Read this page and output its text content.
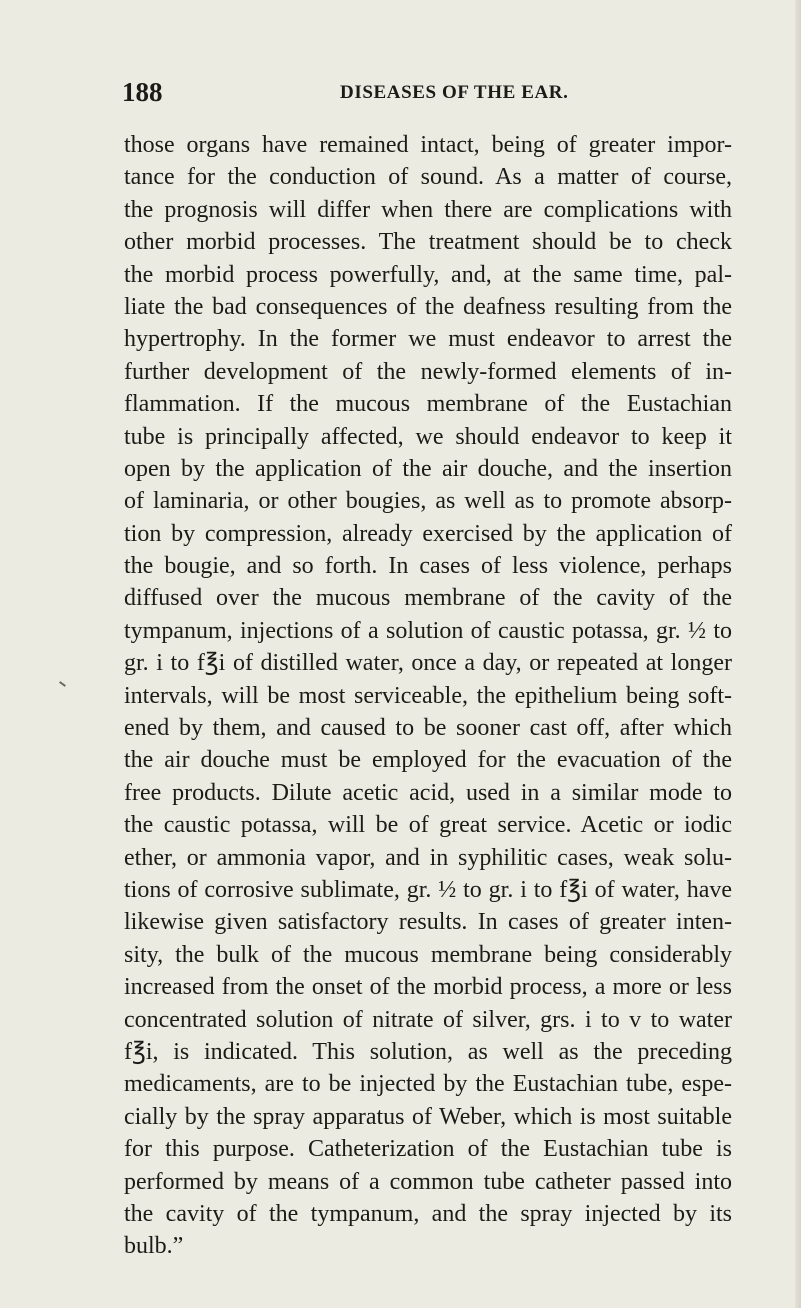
188	DISEASES OF THE EAR.
those organs have remained intact, being of greater impor-
tance for the conduction of sound. As a matter of course,
the prognosis will differ when there are complications with
other morbid processes. The treatment should be to check
the morbid process powerfully, and, at the same time, pal-
liate the bad consequences of the deafness resulting from the
hypertrophy. In the former we must endeavor to arrest the
further development of the newly-formed elements of in-
flammation. If the mucous membrane of the Eustachian
tube is principally affected, we should endeavor to keep it
open by the application of the air douche, and the insertion
of laminaria, or other bougies, as well as to promote absorp-
tion by compression, already exercised by the application of
the bougie, and so forth. In cases of less violence, perhaps
diffused over the mucous membrane of the cavity of the
tympanum, injections of a solution of caustic potassa, gr. ½ to
gr. i to f℥i of distilled water, once a day, or repeated at longer
intervals, will be most serviceable, the epithelium being soft-
ened by them, and caused to be sooner cast off, after which
the air douche must be employed for the evacuation of the
free products. Dilute acetic acid, used in a similar mode to
the caustic potassa, will be of great service. Acetic or iodic
ether, or ammonia vapor, and in syphilitic cases, weak solu-
tions of corrosive sublimate, gr. ½ to gr. i to f℥i of water, have
likewise given satisfactory results. In cases of greater inten-
sity, the bulk of the mucous membrane being considerably
increased from the onset of the morbid process, a more or less
concentrated solution of nitrate of silver, grs. i to v to water
f℥i, is indicated. This solution, as well as the preceding
medicaments, are to be injected by the Eustachian tube, espe-
cially by the spray apparatus of Weber, which is most suitable
for this purpose. Catheterization of the Eustachian tube is
performed by means of a common tube catheter passed into
the cavity of the tympanum, and the spray injected by its
bulb.”
